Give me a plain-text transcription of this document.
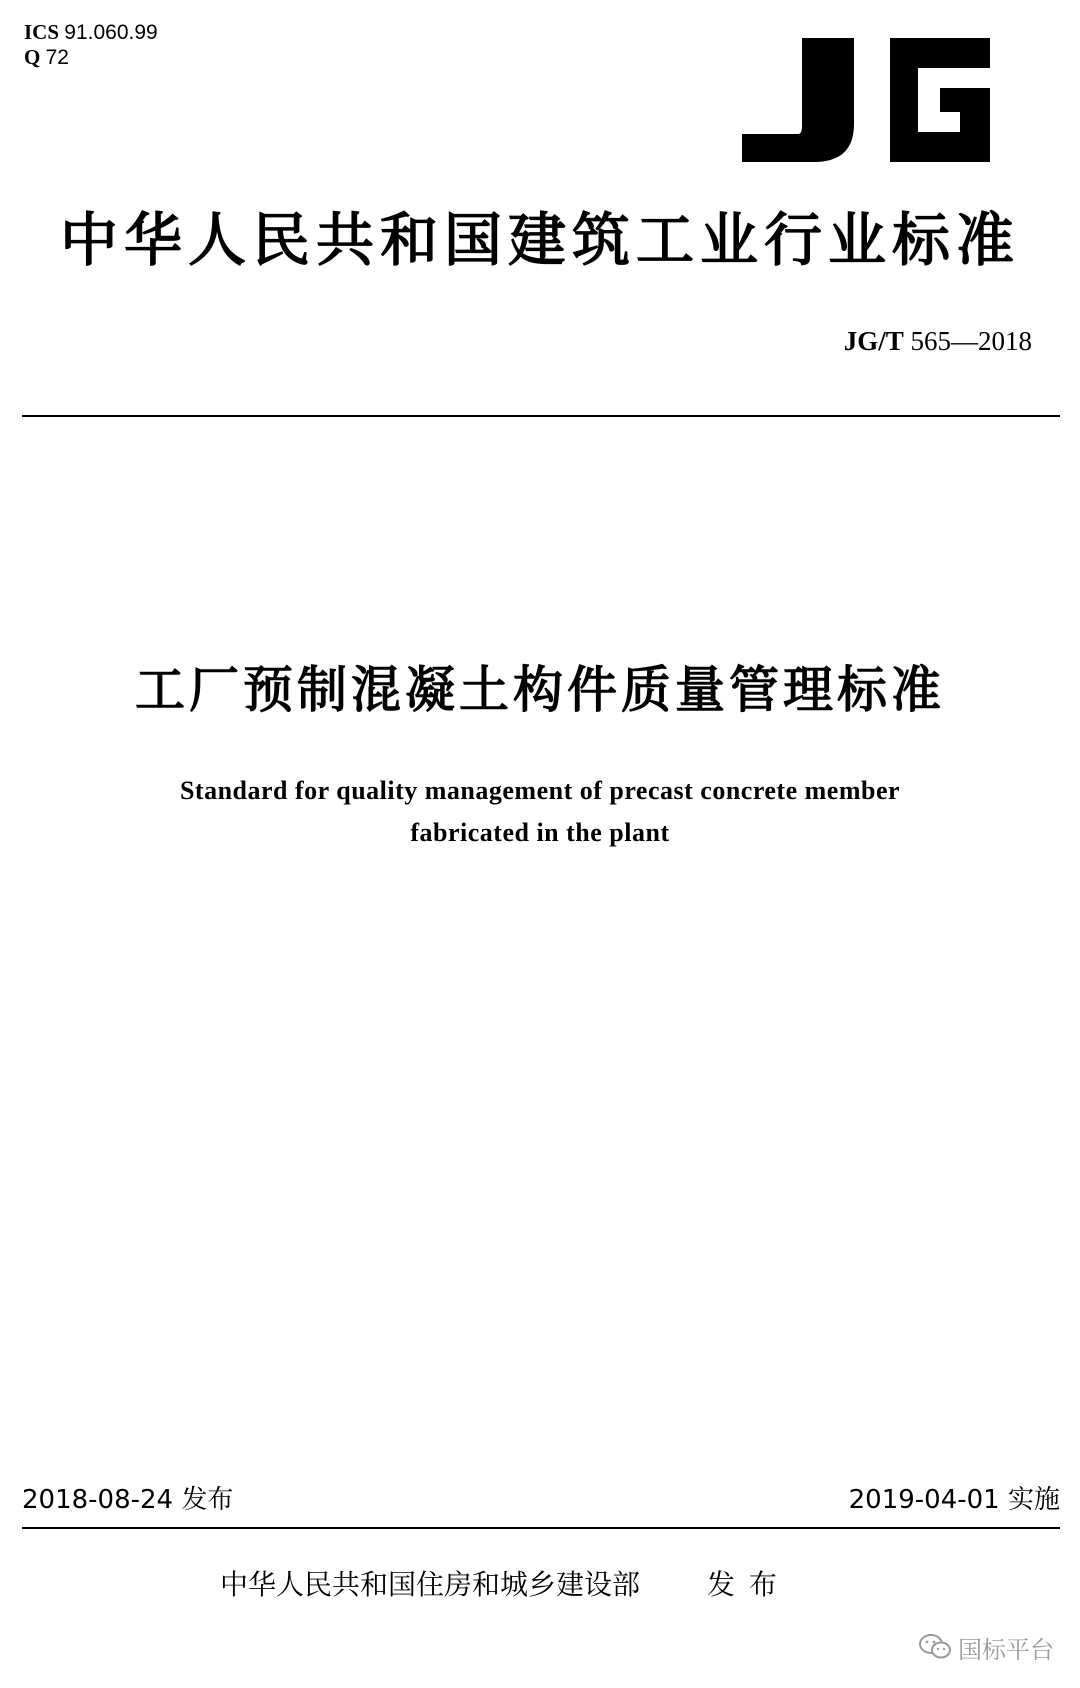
ICS 91.060.99
Q 72
中华人民共和国建筑工业行业标准
JG/T 565—2018
工厂预制混凝土构件质量管理标准
Standard for quality management of precast concrete member
fabricated in the plant
2018-08-24 发布	2019-04-01 实施
中华人民共和国住房和城乡建设部 发布
国标平台
